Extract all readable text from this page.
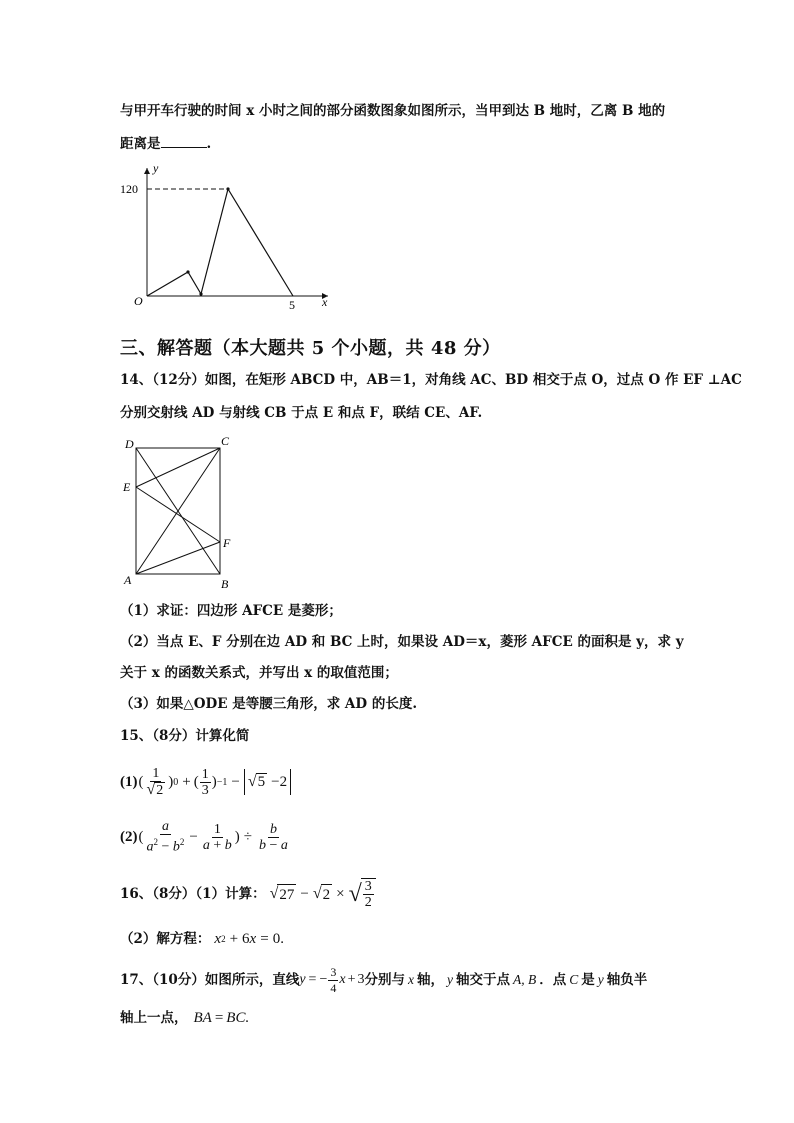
与甲开车行驶的时间 x 小时之间的部分函数图象如图所示，当甲到达 B 地时，乙离 B 地的
距离是	.
y
x
120
5
O
三、解答题（本大题共 5 个小题，共 48 分）
14、（12分）如图，在矩形 ABCD 中，AB＝1，对角线 AC、BD 相交于点 O，过点 O 作 EF ⊥AC
分别交射线 AD 与射线 CB 于点 E 和点 F，联结 CE、AF.
D	C
E
F
A	B
（1）求证：四边形 AFCE 是菱形；
（2）当点 E、F 分别在边 AD 和 BC 上时，如果设 AD＝x，菱形 AFCE 的面积是 y，求 y
关于 x 的函数关系式，并写出 x 的取值范围；
（3）如果△ODE 是等腰三角形，求 AD 的长度.
15、（8分）计算化简
(1) ( $\frac{1}{√2}$ ) 0 + ( $\frac{1}{3}$ ) −1 − √ 5 −2
(2) ( $\frac{a}{a^2 - b^2} - \frac{1}{a + b}$ ) ÷ $\frac{b}{b - a}$
16、（8分）（1）计算： √ 27 − √ 2 × √ $\frac{3}{2}$
（2）解方程： x 2 + 6 x = 0.
17、（10分）如图所示，直线 y = − $\frac{3}{4}$ x + 3 分别与 x 轴， y 轴交于点 A, B ．点 C 是 y 轴负半
轴上一点， BA = BC.
